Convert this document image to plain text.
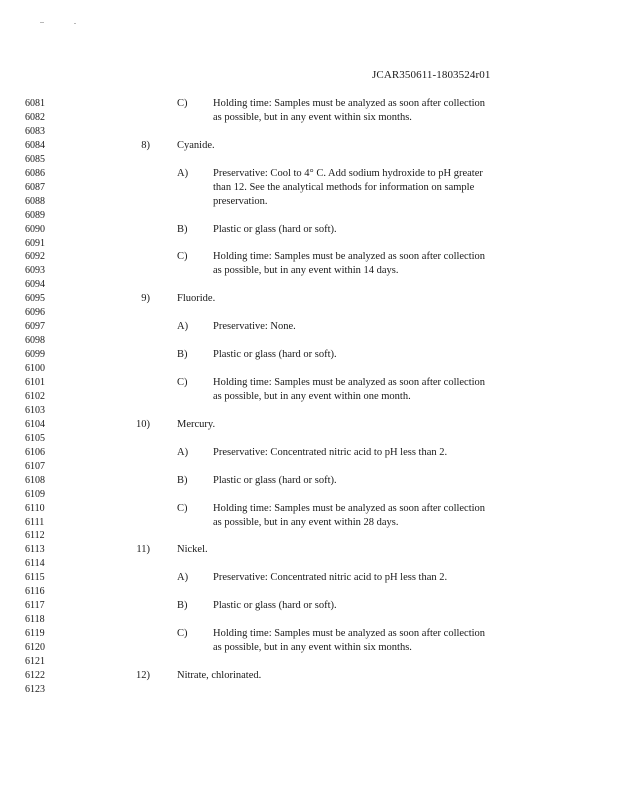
JCAR350611-1803524r01
6081	C) Holding time: Samples must be analyzed as soon after collection
6082	as possible, but in any event within six months.
6083
6084	8)	Cyanide.
6085
6086	A) Preservative: Cool to 4° C. Add sodium hydroxide to pH greater
6087	than 12. See the analytical methods for information on sample
6088	preservation.
6089
6090	B) Plastic or glass (hard or soft).
6091
6092	C) Holding time: Samples must be analyzed as soon after collection
6093	as possible, but in any event within 14 days.
6094
6095	9)	Fluoride.
6096
6097	A) Preservative: None.
6098
6099	B) Plastic or glass (hard or soft).
6100
6101	C) Holding time: Samples must be analyzed as soon after collection
6102	as possible, but in any event within one month.
6103
6104	10)	Mercury.
6105
6106	A) Preservative: Concentrated nitric acid to pH less than 2.
6107
6108	B) Plastic or glass (hard or soft).
6109
6110	C) Holding time: Samples must be analyzed as soon after collection
6111	as possible, but in any event within 28 days.
6112
6113	11)	Nickel.
6114
6115	A) Preservative: Concentrated nitric acid to pH less than 2.
6116
6117	B) Plastic or glass (hard or soft).
6118
6119	C) Holding time: Samples must be analyzed as soon after collection
6120	as possible, but in any event within six months.
6121
6122	12)	Nitrate, chlorinated.
6123
